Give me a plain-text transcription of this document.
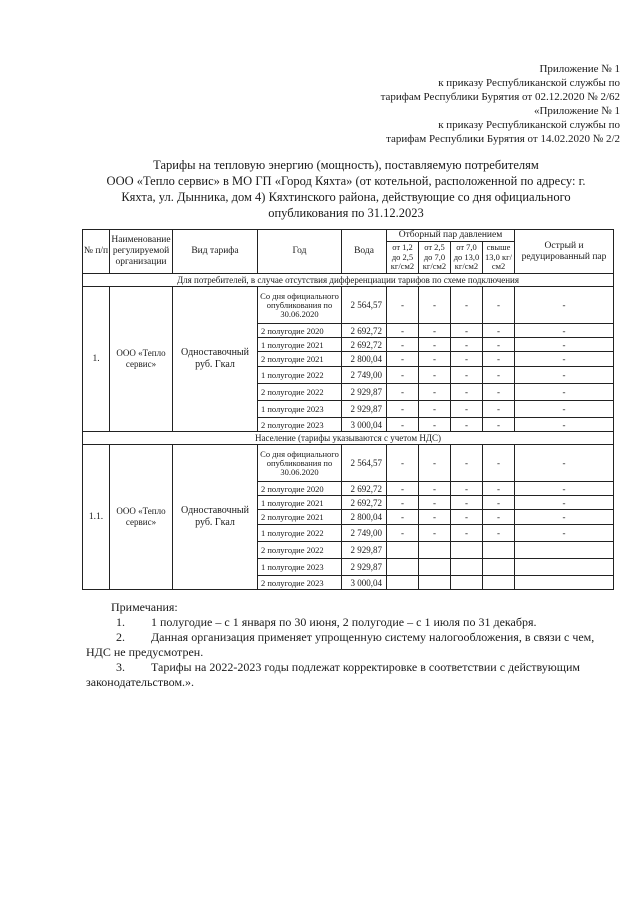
Приложение № 1
к приказу Республиканской службы по
тарифам Республики Бурятия от 02.12.2020 № 2/62
«Приложение № 1
к приказу Республиканской службы по
тарифам Республики Бурятия от 14.02.2020 № 2/2
Тарифы на тепловую энергию (мощность), поставляемую потребителям
ООО «Тепло сервис» в МО ГП «Город Кяхта» (от котельной, расположенной по адресу: г.
Кяхта, ул. Дынника, дом 4) Кяхтинского района, действующие со дня официального
опубликования по 31.12.2023
№ п/п	Наименование регулируемой организации	Вид тарифа	Год	Вода	Отборный пар давлением				Острый и редуцированный пар
					от 1,2 до 2,5 кг/см2	от 2,5 до 7,0 кг/см2	от 7,0 до 13,0 кг/см2	свыше 13,0 кг/см2	
Для потребителей, в случае отсутствия дифференциации тарифов по схеме подключения									
1.	ООО «Тепло сервис»	Одноставочный руб. Гкал	Со дня официального опубликования по 30.06.2020	2 564,57	-	-	-	-	-
			2 полугодие 2020	2 692,72	-	-	-	-	-
			1 полугодие 2021	2 692,72	-	-	-	-	-
			2 полугодие 2021	2 800,04	-	-	-	-	-
			1 полугодие 2022	2 749,00	-	-	-	-	-
			2 полугодие 2022	2 929,87	-	-	-	-	-
			1 полугодие 2023	2 929,87	-	-	-	-	-
			2 полугодие 2023	3 000,04	-	-	-	-	-
Население (тарифы указываются с учетом НДС)									
1.1.	ООО «Тепло сервис»	Одноставочный руб. Гкал	Со дня официального опубликования по 30.06.2020	2 564,57	-	-	-	-	-
			2 полугодие 2020	2 692,72	-	-	-	-	-
			1 полугодие 2021	2 692,72	-	-	-	-	-
			2 полугодие 2021	2 800,04	-	-	-	-	-
			1 полугодие 2022	2 749,00	-	-	-	-	-
			2 полугодие 2022	2 929,87					
			1 полугодие 2023	2 929,87					
			2 полугодие 2023	3 000,04					
Примечания:
1. 1 полугодие – с 1 января по 30 июня, 2 полугодие – с 1 июля по 31 декабря.
2. Данная организация применяет упрощенную систему налогообложения, в связи с чем, НДС не предусмотрен.
3. Тарифы на 2022-2023 годы подлежат корректировке в соответствии с действующим законодательством.».
